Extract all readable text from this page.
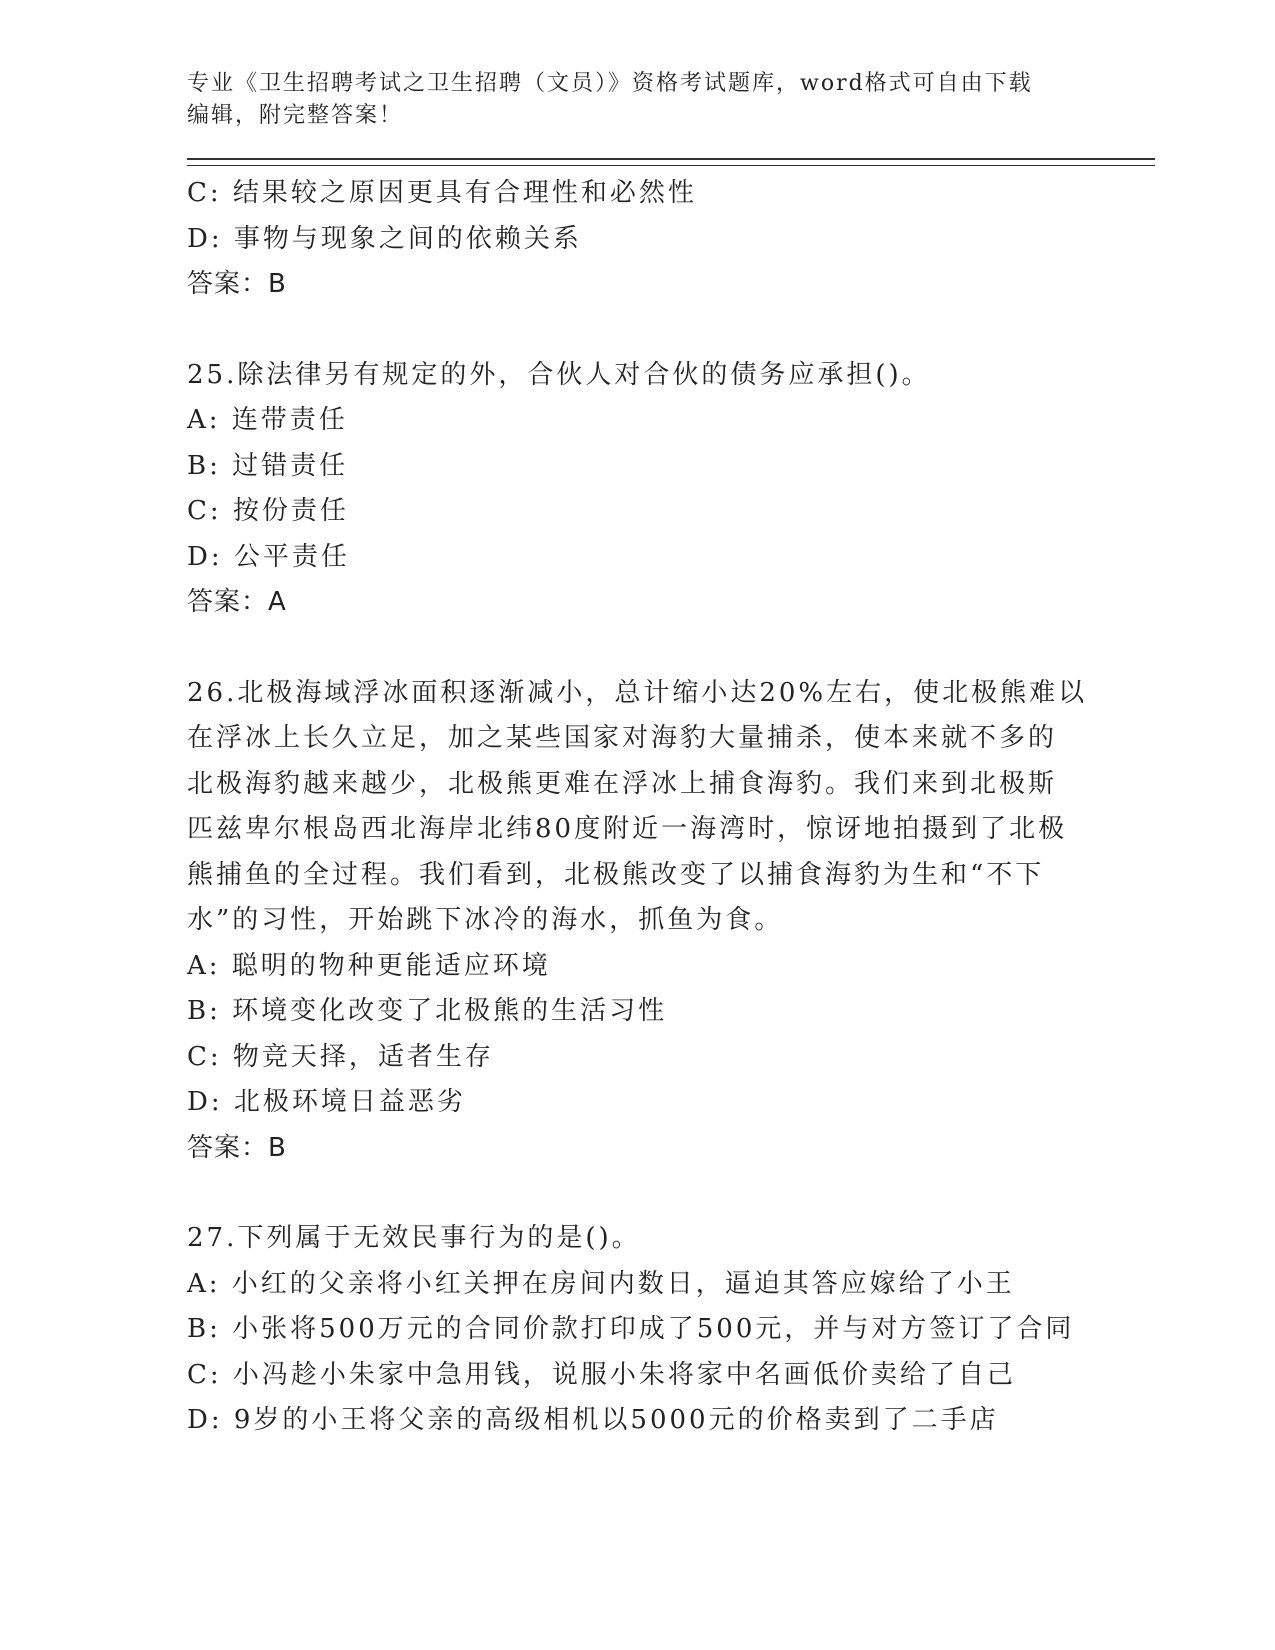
专业《卫生招聘考试之卫生招聘（文员）》资格考试题库，word格式可自由下载
编辑，附完整答案！
C: 结果较之原因更具有合理性和必然性
D: 事物与现象之间的依赖关系
答案：B
25.除法律另有规定的外，合伙人对合伙的债务应承担()。
A: 连带责任
B: 过错责任
C: 按份责任
D: 公平责任
答案：A
26.北极海域浮冰面积逐渐减小，总计缩小达20%左右，使北极熊难以
在浮冰上长久立足，加之某些国家对海豹大量捕杀，使本来就不多的
北极海豹越来越少，北极熊更难在浮冰上捕食海豹。我们来到北极斯
匹兹卑尔根岛西北海岸北纬80度附近一海湾时，惊讶地拍摄到了北极
熊捕鱼的全过程。我们看到，北极熊改变了以捕食海豹为生和“不下
水”的习性，开始跳下冰冷的海水，抓鱼为食。
A: 聪明的物种更能适应环境
B: 环境变化改变了北极熊的生活习性
C: 物竞天择，适者生存
D: 北极环境日益恶劣
答案：B
27.下列属于无效民事行为的是()。
A: 小红的父亲将小红关押在房间内数日，逼迫其答应嫁给了小王
B: 小张将500万元的合同价款打印成了500元，并与对方签订了合同
C: 小冯趁小朱家中急用钱，说服小朱将家中名画低价卖给了自己
D: 9岁的小王将父亲的高级相机以5000元的价格卖到了二手店
